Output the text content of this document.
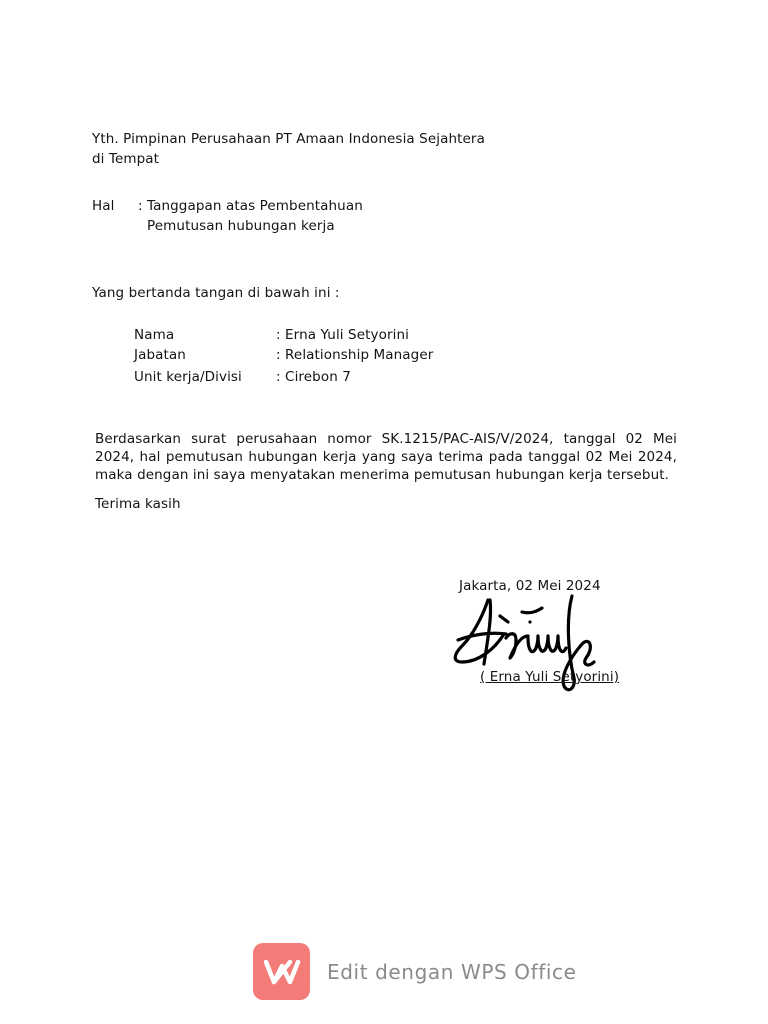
Yth. Pimpinan Perusahaan PT Amaan Indonesia Sejahtera
di Tempat
Hal : Tanggapan atas Pembentahuan
Pemutusan hubungan kerja
Yang bertanda tangan di bawah ini :
Nama	: Erna Yuli Setyorini
Jabatan	: Relationship Manager
Unit kerja/Divisi	: Cirebon 7
Berdasarkan surat perusahaan nomor SK.1215/PAC-AIS/V/2024, tanggal 02 Mei 2024, hal pemutusan hubungan kerja yang saya terima pada tanggal 02 Mei 2024, maka dengan ini saya menyatakan menerima pemutusan hubungan kerja tersebut.
Terima kasih
Jakarta, 02 Mei 2024
( Erna Yuli Setyorini)
Edit dengan WPS Office
